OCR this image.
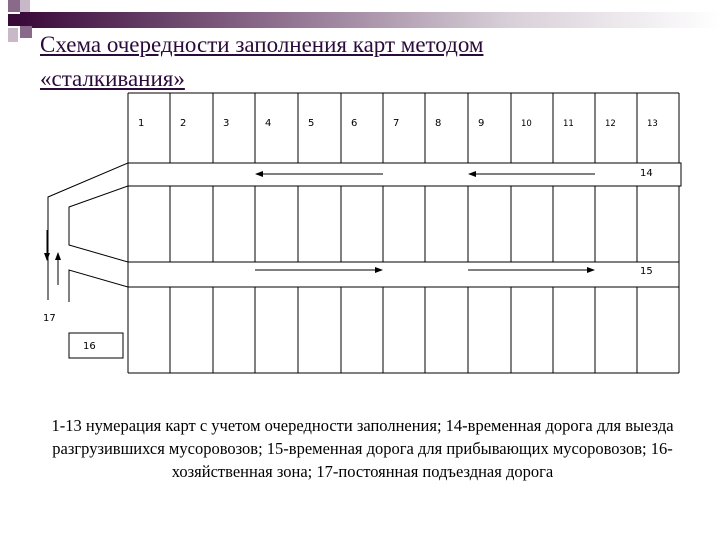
Схема очередности заполнения карт методом
«сталкивания»
1	2	3	4	5	6	7	8	9	10	11	12	13
14
15
16
17
1-13 нумерация карт с учетом очередности заполнения; 14-временная дорога для выезда разгрузившихся мусоровозов; 15-временная дорога для прибывающих мусоровозов; 16-хозяйственная зона; 17-постоянная подъездная дорога
